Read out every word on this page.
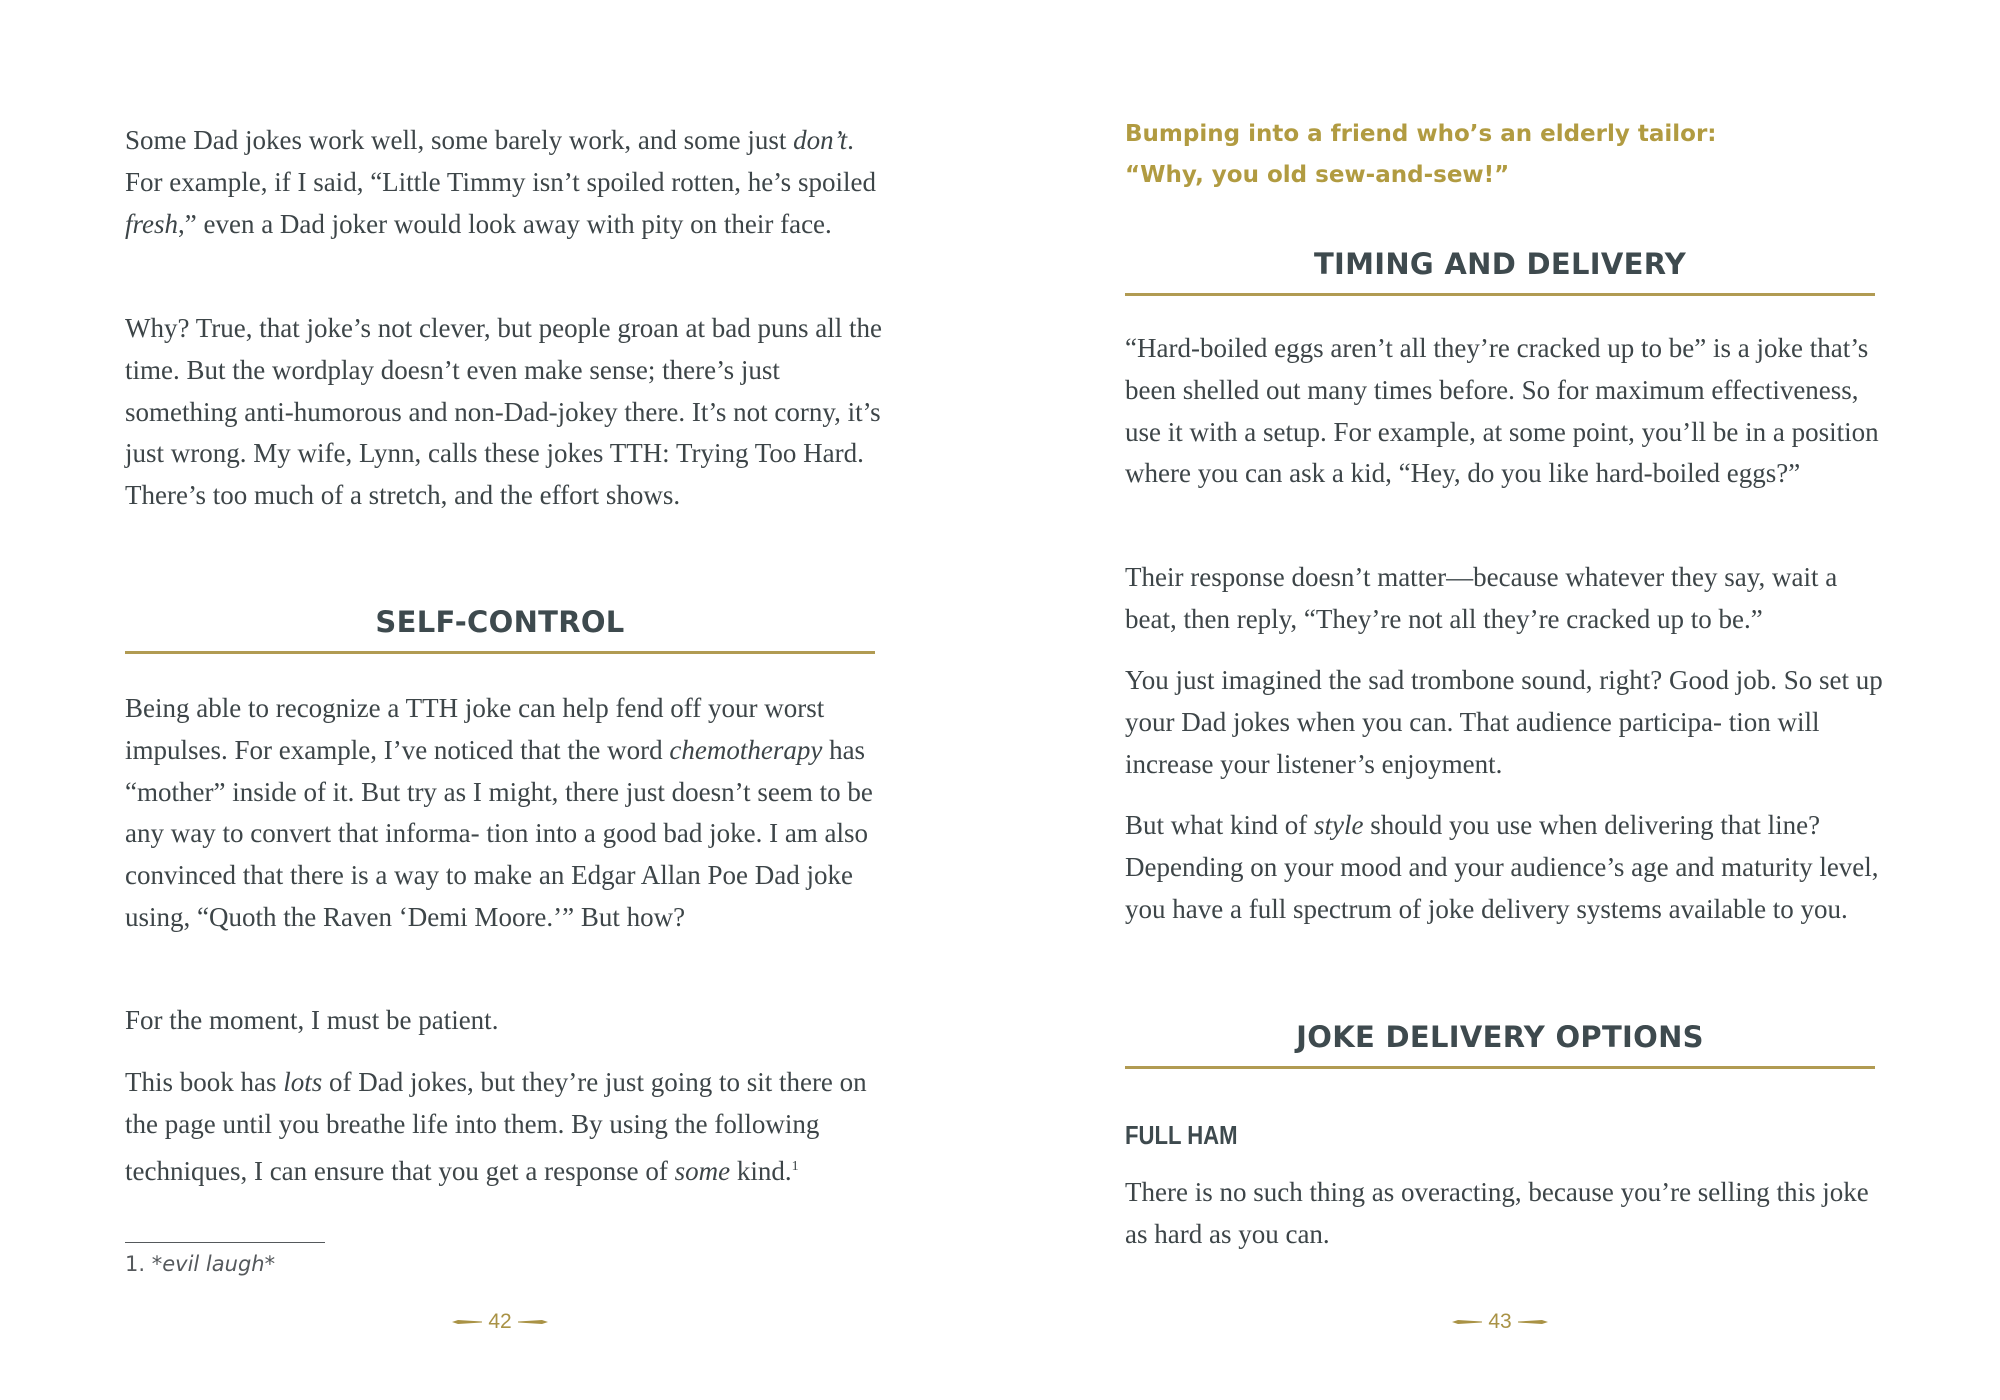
Some Dad jokes work well, some barely work, and some just don’t. For example, if I said, “Little Timmy isn’t spoiled rotten, he’s spoiled fresh,” even a Dad joker would look away with pity on their face.

Why? True, that joke’s not clever, but people groan at bad puns all the time. But the wordplay doesn’t even make sense; there’s just something anti-humorous and non-Dad-jokey there. It’s not corny, it’s just wrong. My wife, Lynn, calls these jokes TTH: Trying Too Hard. There’s too much of a stretch, and the effort shows.

SELF-CONTROL

Being able to recognize a TTH joke can help fend off your worst impulses. For example, I’ve noticed that the word chemotherapy has “mother” inside of it. But try as I might, there just doesn’t seem to be any way to convert that informa- tion into a good bad joke. I am also convinced that there is a way to make an Edgar Allan Poe Dad joke using, “Quoth the Raven ‘Demi Moore.’” But how?

For the moment, I must be patient.

This book has lots of Dad jokes, but they’re just going to sit there on the page until you breathe life into them. By using the following techniques, I can ensure that you get a response of some kind.$^1$

1. *evil laugh*
42
Bumping into a friend who’s an elderly tailor:
“Why, you old sew-and-sew!”
TIMING AND DELIVERY

“Hard-boiled eggs aren’t all they’re cracked up to be” is a joke that’s been shelled out many times before. So for maximum effectiveness, use it with a setup. For example, at some point, you’ll be in a position where you can ask a kid, “Hey, do you like hard-boiled eggs?”

Their response doesn’t matter—because whatever they say, wait a beat, then reply, “They’re not all they’re cracked up to be.”

You just imagined the sad trombone sound, right? Good job. So set up your Dad jokes when you can. That audience participa- tion will increase your listener’s enjoyment.

But what kind of style should you use when delivering that line? Depending on your mood and your audience’s age and maturity level, you have a full spectrum of joke delivery systems available to you.

JOKE DELIVERY OPTIONS
FULL HAM

There is no such thing as overacting, because you’re selling this joke as hard as you can.

43
